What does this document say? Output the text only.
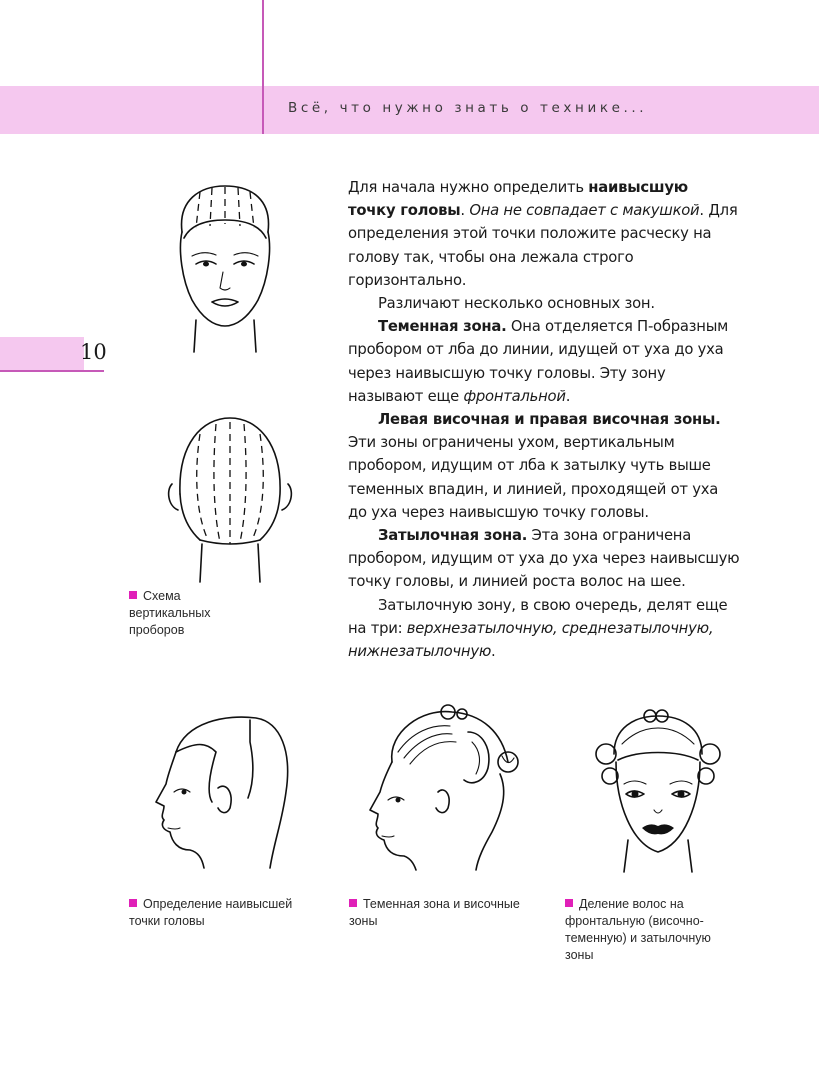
Всё, что нужно знать о технике...
10
Схема вертикальных проборов

Для начала нужно определить наивысшую точку головы. Она не совпадает с макушкой. Для определения этой точки положите расческу на голову так, чтобы она лежала строго горизонтально.

Различают несколько основных зон.

Теменная зона. Она отделяется П-образным пробором от лба до линии, идущей от уха до уха через наивысшую точку головы. Эту зону называют еще фронтальной.

Левая височная и правая височная зоны. Эти зоны ограничены ухом, вертикальным пробором, идущим от лба к затылку чуть выше теменных впадин, и линией, проходящей от уха до уха через наивысшую точку головы.

Затылочная зона. Эта зона ограничена пробором, идущим от уха до уха через наивысшую точку головы, и линией роста волос на шее.

Затылочную зону, в свою очередь, делят еще на три: верхнезатылочную, среднезатылочную, нижнезатылочную.

Определение наивысшей точки головы
Теменная зона и височные зоны
Деление волос на фронтальную (височно-теменную) и затылочную зоны
